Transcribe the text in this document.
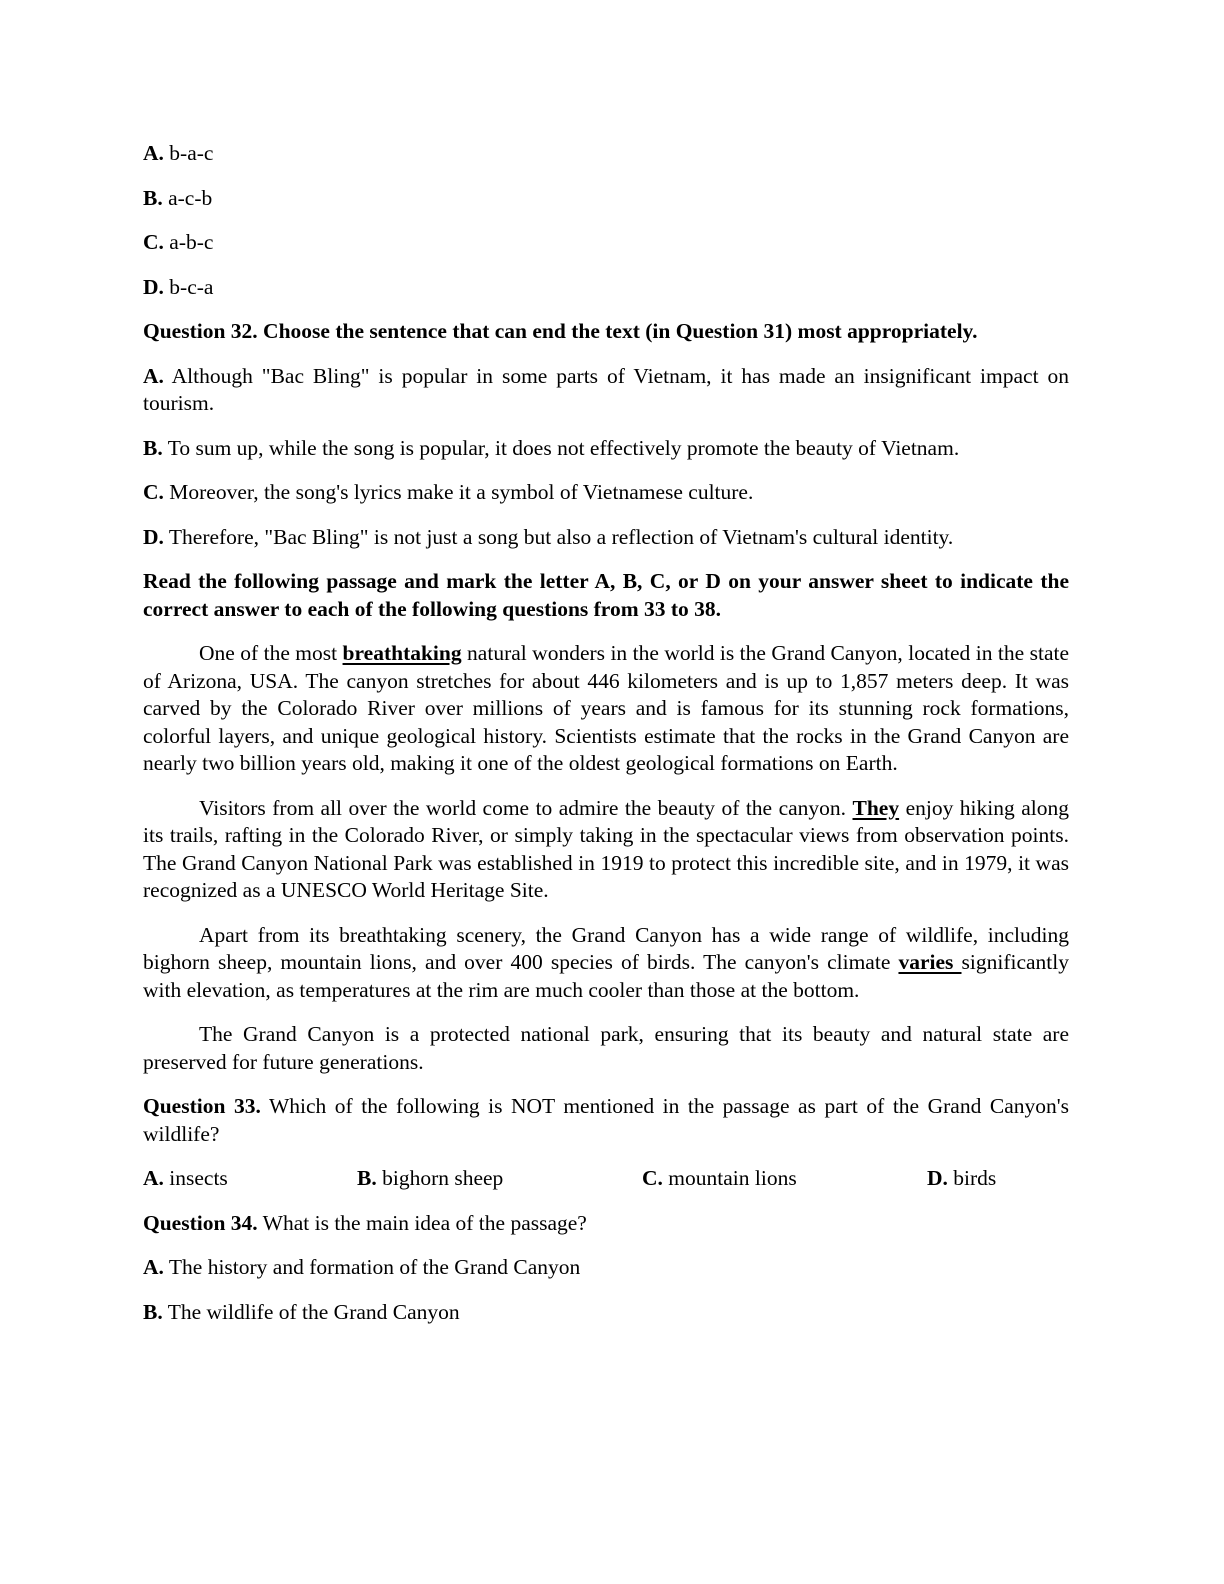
A. b-a-c
B. a-c-b
C. a-b-c
D. b-c-a
Question 32. Choose the sentence that can end the text (in Question 31) most appropriately.
A. Although "Bac Bling" is popular in some parts of Vietnam, it has made an insignificant impact on tourism.
B. To sum up, while the song is popular, it does not effectively promote the beauty of Vietnam.
C. Moreover, the song's lyrics make it a symbol of Vietnamese culture.
D. Therefore, "Bac Bling" is not just a song but also a reflection of Vietnam's cultural identity.
Read the following passage and mark the letter A, B, C, or D on your answer sheet to indicate the correct answer to each of the following questions from 33 to 38.
One of the most breathtaking natural wonders in the world is the Grand Canyon, located in the state of Arizona, USA. The canyon stretches for about 446 kilometers and is up to 1,857 meters deep. It was carved by the Colorado River over millions of years and is famous for its stunning rock formations, colorful layers, and unique geological history. Scientists estimate that the rocks in the Grand Canyon are nearly two billion years old, making it one of the oldest geological formations on Earth.
Visitors from all over the world come to admire the beauty of the canyon. They enjoy hiking along its trails, rafting in the Colorado River, or simply taking in the spectacular views from observation points. The Grand Canyon National Park was established in 1919 to protect this incredible site, and in 1979, it was recognized as a UNESCO World Heritage Site.
Apart from its breathtaking scenery, the Grand Canyon has a wide range of wildlife, including bighorn sheep, mountain lions, and over 400 species of birds. The canyon's climate varies significantly with elevation, as temperatures at the rim are much cooler than those at the bottom.
The Grand Canyon is a protected national park, ensuring that its beauty and natural state are preserved for future generations.
Question 33. Which of the following is NOT mentioned in the passage as part of the Grand Canyon's wildlife?
A. insects	B. bighorn sheep	C. mountain lions	D. birds
Question 34. What is the main idea of the passage?
A. The history and formation of the Grand Canyon
B. The wildlife of the Grand Canyon
